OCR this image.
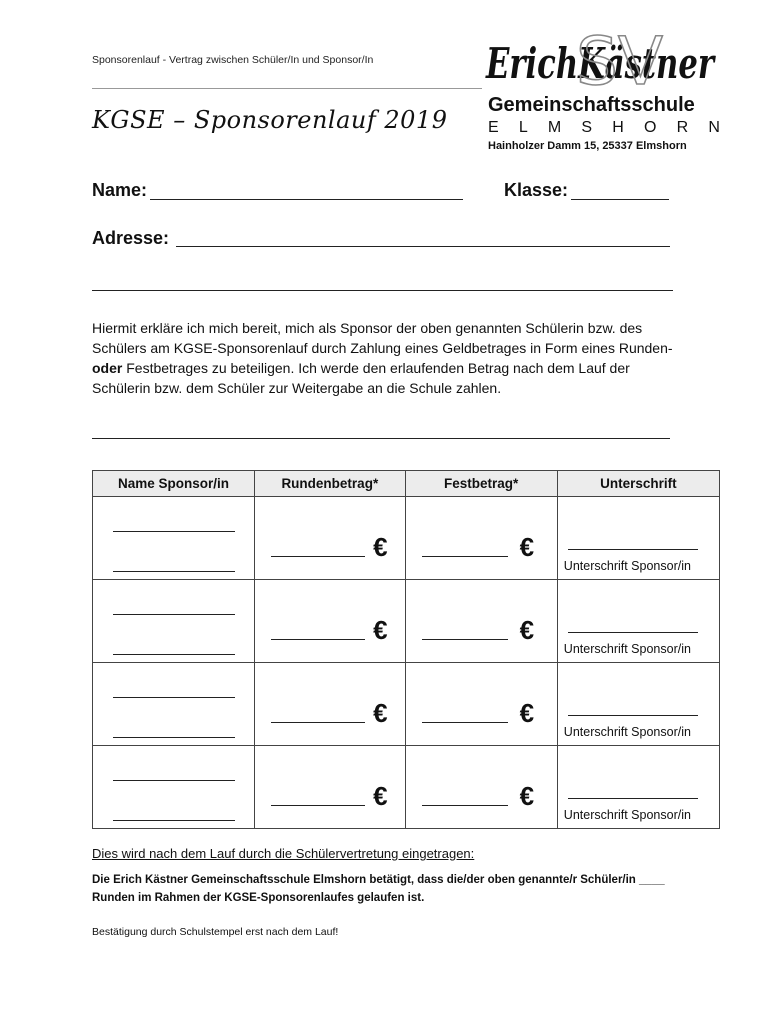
Sponsorenlauf - Vertrag zwischen Schüler/In und Sponsor/In
KGSE – Sponsorenlauf 2019
ErichKästner
SV
Gemeinschaftsschule
E L M S H O R N
Hainholzer Damm 15, 25337 Elmshorn
Name:	Klasse:
Adresse:
Hiermit erkläre ich mich bereit, mich als Sponsor der oben genannten Schülerin bzw. des Schülers am KGSE-Sponsorenlauf durch Zahlung eines Geldbetrages in Form eines Runden- oder Festbetrages zu beteiligen. Ich werde den erlaufenden Betrag nach dem Lauf der Schülerin bzw. dem Schüler zur Weitergabe an die Schule zahlen.
Name Sponsor/in	Rundenbetrag*	Festbetrag*	Unterschrift

	€	€	Unterschrift Sponsor/in

	€	€	Unterschrift Sponsor/in

	€	€	Unterschrift Sponsor/in

	€	€	Unterschrift Sponsor/in
Dies wird nach dem Lauf durch die Schülervertretung eingetragen:
Die Erich Kästner Gemeinschaftsschule Elmshorn betätigt, dass die/der oben genannte/r Schüler/in ____ Runden im Rahmen der KGSE-Sponsorenlaufes gelaufen ist.
Bestätigung durch Schulstempel erst nach dem Lauf!
